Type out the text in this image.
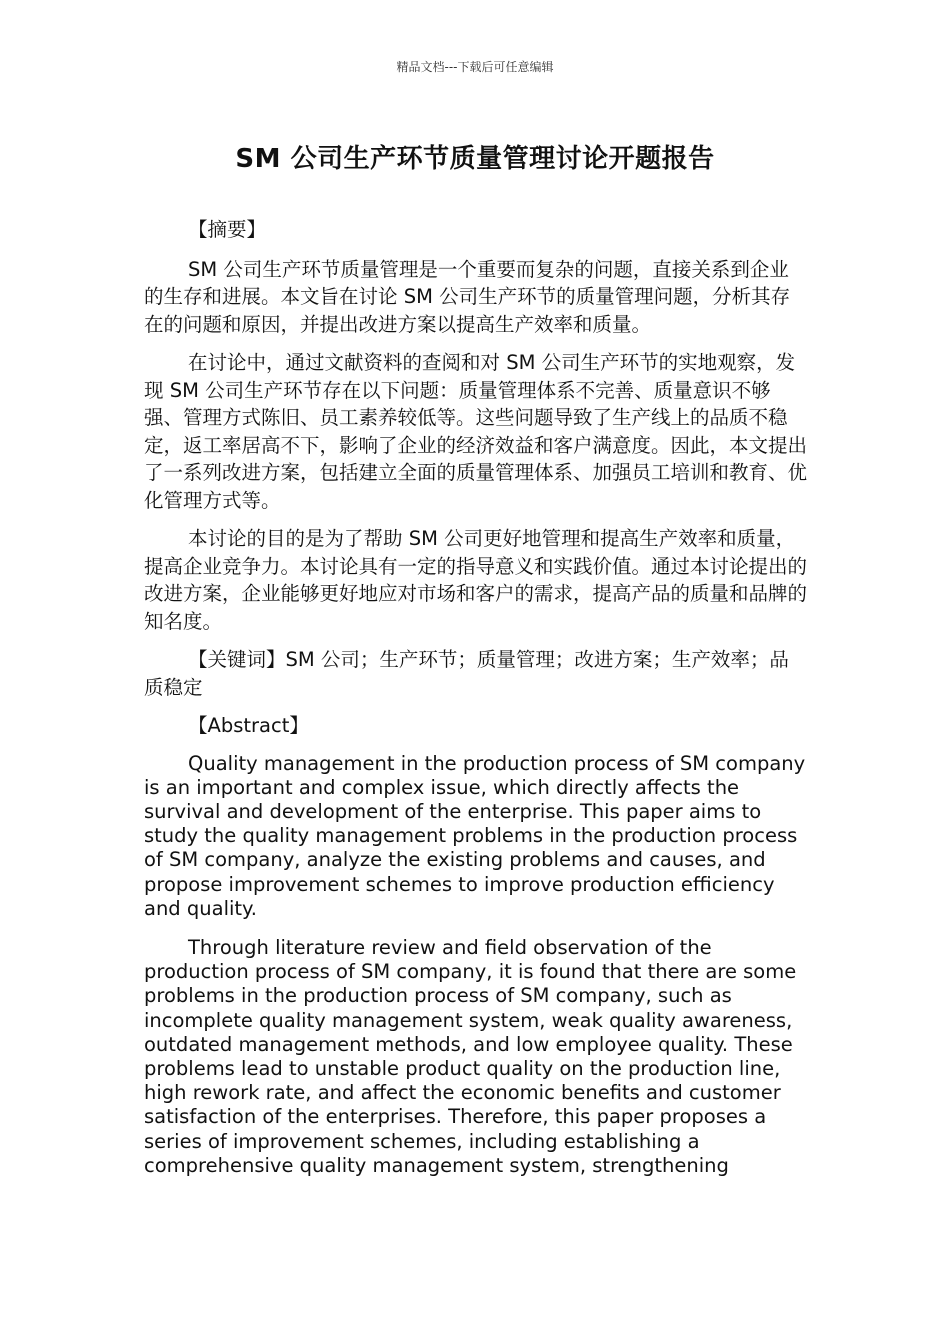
精品文档---下载后可任意编辑
SM 公司生产环节质量管理讨论开题报告

【摘要】

SM 公司生产环节质量管理是一个重要而复杂的问题，直接关系到企业的生存和进展。本文旨在讨论 SM 公司生产环节的质量管理问题，分析其存在的问题和原因，并提出改进方案以提高生产效率和质量。

在讨论中，通过文献资料的查阅和对 SM 公司生产环节的实地观察，发现 SM 公司生产环节存在以下问题：质量管理体系不完善、质量意识不够强、管理方式陈旧、员工素养较低等。这些问题导致了生产线上的品质不稳定，返工率居高不下，影响了企业的经济效益和客户满意度。因此，本文提出了一系列改进方案，包括建立全面的质量管理体系、加强员工培训和教育、优化管理方式等。

本讨论的目的是为了帮助 SM 公司更好地管理和提高生产效率和质量，提高企业竞争力。本讨论具有一定的指导意义和实践价值。通过本讨论提出的改进方案，企业能够更好地应对市场和客户的需求，提高产品的质量和品牌的知名度。

【关键词】SM 公司；生产环节；质量管理；改进方案；生产效率；品质稳定

【Abstract】

Quality management in the production process of SM company is an important and complex issue, which directly affects the survival and development of the enterprise. This paper aims to study the quality management problems in the production process of SM company, analyze the existing problems and causes, and propose improvement schemes to improve production efficiency and quality.

Through literature review and field observation of the production process of SM company, it is found that there are some problems in the production process of SM company, such as incomplete quality management system, weak quality awareness, outdated management methods, and low employee quality. These problems lead to unstable product quality on the production line, high rework rate, and affect the economic benefits and customer satisfaction of the enterprises. Therefore, this paper proposes a series of improvement schemes, including establishing a comprehensive quality management system, strengthening
